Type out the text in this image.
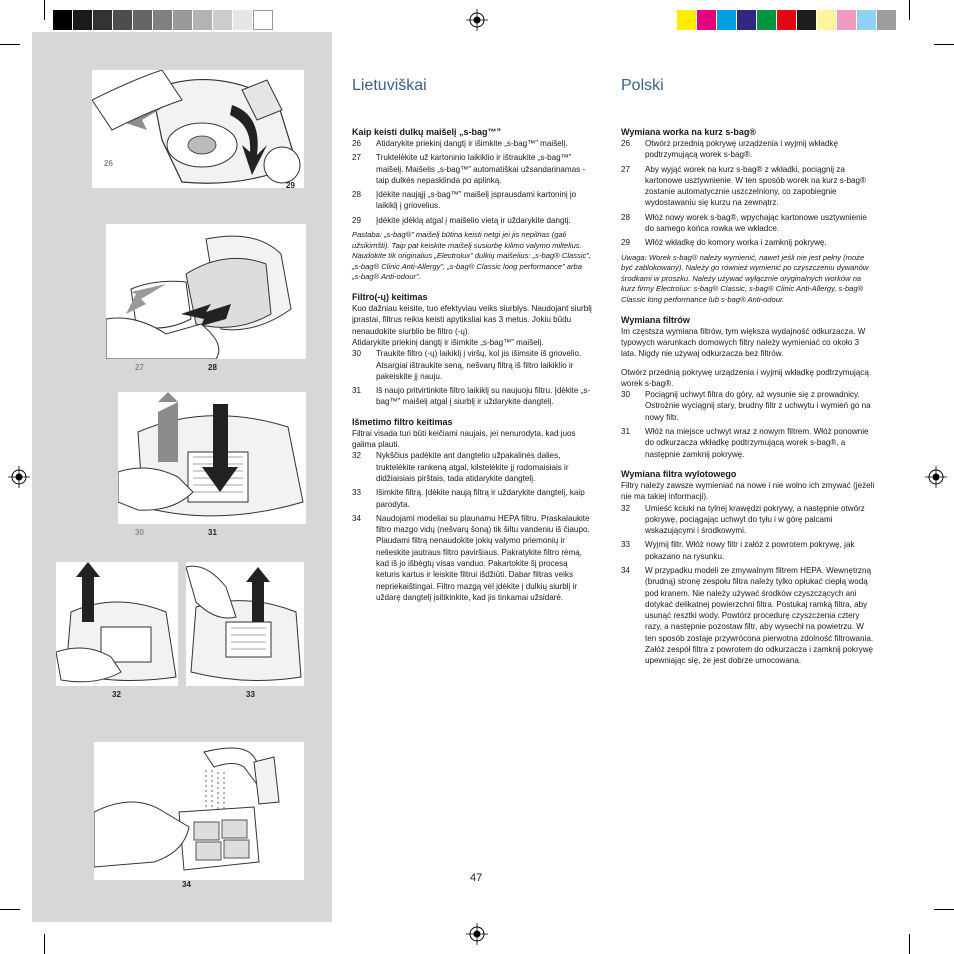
26
29
27	28
30	31
32	33
34
Lietuviškai
Kaip keisti dulkų maišelį „s-bag™”
26	Atidarykite priekinį dangtį ir išimkite „s-bag™” maišelį.
27	Truktelėkite už kartoninio laikiklio ir ištraukite „s-bag™” maišelį. Maišelis „s-bag™” automatiškai užsandarinamas - taip dulkės nepasklinda po aplinką.
28	Įdėkite naująjį „s-bag™” maišelį įsprausdami kartoninį jo laikiklį į griovelius.
29	Įdėkite įdėklą atgal į maišelio vietą ir uždarykite dangtį.

Pastaba: „s-bag®” maišelį būtina keisti netgi jei jis nepilnas (gali užsikimšti). Taip pat keiskite maišelį susiurbę kilimo valymo miltelius. Naudokite tik originalius „Electrolux” dulkių maišelius: „s-bag® Classic”, „s-bag® Clinic Anti-Allergy”, „s-bag® Classic long performance” arba „s-bag® Anti-odour”.

Filtro(-ų) keitimas

Kuo dažniau keisite, tuo efektyviau veiks siurblys. Naudojant siurblį įprastai, filtrus reikia keisti apytiksliai kas 3 metus. Jokiu būdu nenaudokite siurblio be filtro (-ų).

Atidarykite priekinį dangtį ir išimkite „s-bag™” maišelį.

30	Traukite filtro (-ų) laikiklį į viršų, kol jis išimsite iš griovelio. Atsargiai ištraukite seną, nešvarų filtrą iš filtro laikiklio ir pakeiskite jį nauju.
31	Iš naujo pritvirtinkite filtro laikiklį su naujuoju filtru. Įdėkite „s-bag™” maišelį atgal į siurblį ir uždarykite dangtelį.
Išmetimo filtro keitimas

Filtrai visada turi būti keičiami naujais, jei nenurodyta, kad juos galima plauti.

32	Nykščius padėkite ant dangtelio užpakalinės dalies, truktelėkite rankeną atgal, kilstelėkite jį rodomaisiais ir didžiaisiais pirštais, tada atidarykite dangtelį.
33	Išimkite filtrą. Įdėkite naują filtrą ir uždarykite dangtelį, kaip parodyta.
34	Naudojami modeliai su plaunamu HEPA filtru. Praskalaukite filtro mazgo vidų (nešvarų šoną) tik šiltu vandeniu iš čiaupo. Plaudami filtrą nenaudokite jokių valymo priemonių ir nelieskite jautraus filtro paviršiaus. Pakratykite filtro rėmą, kad iš jo išbėgtų visas vanduo. Pakartokite šį procesą keturis kartus ir leiskite filtrui išdžiūti. Dabar filtras veiks nepriekaištingai. Filtro mazgą vėl įdėkite į dulkių siurblį ir uždarę dangtelį įsitikinkite, kad jis tinkamai užsidarė.
Polski
Wymiana worka na kurz s-bag®
26	Otwórz przednią pokrywę urządzenia i wyjmij wkładkę podtrzymującą worek s-bag®.
27	Aby wyjąć worek na kurz s-bag® z wkładki, pociągnij za kartonowe usztywnienie. W ten sposób worek na kurz s-bag® zostanie automatycznie uszczelniony, co zapobiegnie wydostawaniu się kurzu na zewnątrz.
28	Włóż nowy worek s-bag®, wpychając kartonowe usztywnienie do samego końca rowka we wkładce.
29	Włóż wkładkę do komory worka i zamknij pokrywę.

Uwaga: Worek s-bag® należy wymienić, nawet jeśli nie jest pełny (może być zablokowany). Należy go również wymienić po czyszczeniu dywanów środkami w proszku. Należy używać wyłącznie oryginalnych worków na kurz firmy Electrolux: s-bag® Classic, s-bag® Clinic Anti-Allergy, s-bag® Classic long performance lub s-bag® Anti-odour.

Wymiana filtrów

Im częstsza wymiana filtrów, tym większa wydajność odkurzacza. W typowych warunkach domowych filtry należy wymieniać co około 3 lata. Nigdy nie używaj odkurzacza bez filtrów.

Otwórz przednią pokrywę urządzenia i wyjmij wkładkę podtrzymującą worek s-bag®.

30	Pociągnij uchwyt filtra do góry, aż wysunie się z prowadnicy. Ostrożnie wyciągnij stary, brudny filtr z uchwytu i wymień go na nowy filtr.
31	Włóż na miejsce uchwyt wraz z nowym filtrem. Włóż ponownie do odkurzacza wkładkę podtrzymującą worek s-bag®, a następnie zamknij pokrywę.
Wymiana filtra wylotowego

Filtry należy zawsze wymieniać na nowe i nie wolno ich zmywać (jeżeli nie ma takiej informacji).

32	Umieść kciuki na tylnej krawędzi pokrywy, a następnie otwórz pokrywę, pociągając uchwyt do tyłu i w górę palcami wskazującymi i środkowymi.
33	Wyjmij filtr. Włóż nowy filtr i załóż z powrotem pokrywę, jak pokazano na rysunku.
34	W przypadku modeli ze zmywalnym filtrem HEPA. Wewnętrzną (brudną) stronę zespołu filtra należy tylko opłukać ciepłą wodą pod kranem. Nie należy używać środków czyszczących ani dotykać delikatnej powierzchni filtra. Postukaj ramką filtra, aby usunąć resztki wody. Powtórz procedurę czyszczenia cztery razy, a następnie pozostaw filtr, aby wysechł na powietrzu. W ten sposób zostaje przywrócona pierwotna zdolność filtrowania. Załóż zespół filtra z powrotem do odkurzacza i zamknij pokrywę upewniając się, że jest dobrze umocowana.
47
